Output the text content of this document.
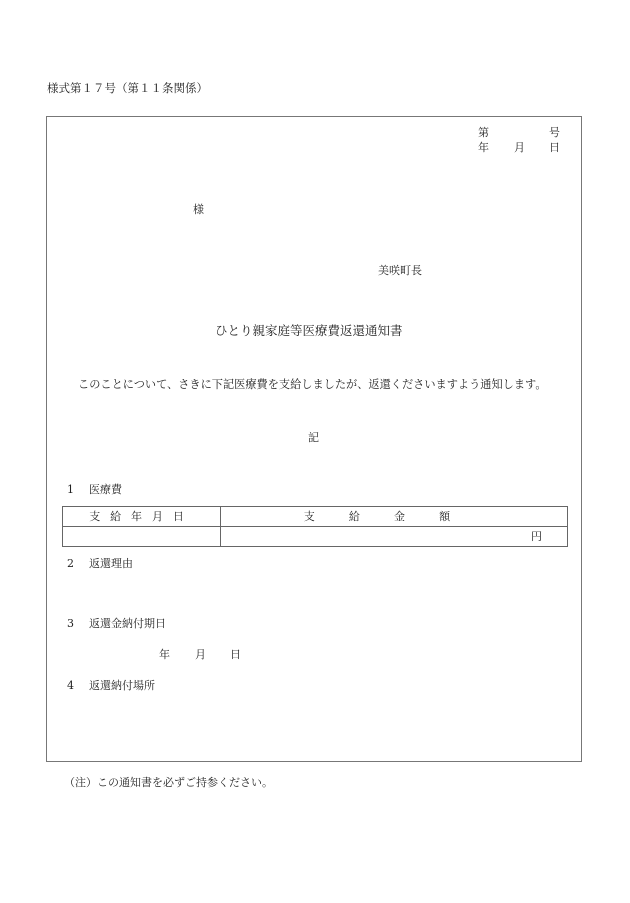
様式第１７号（第１１条関係）
第	号
年 月 日
様
美咲町長
ひとり親家庭等医療費返還通知書
このことについて、さきに下記医療費を支給しましたが、返還くださいますよう通知します。
記
1 医療費
支給年月日	支給金額
	円
2 返還理由
3 返還金納付期日
年 月 日
4 返還納付場所
（注）この通知書を必ずご持参ください。
